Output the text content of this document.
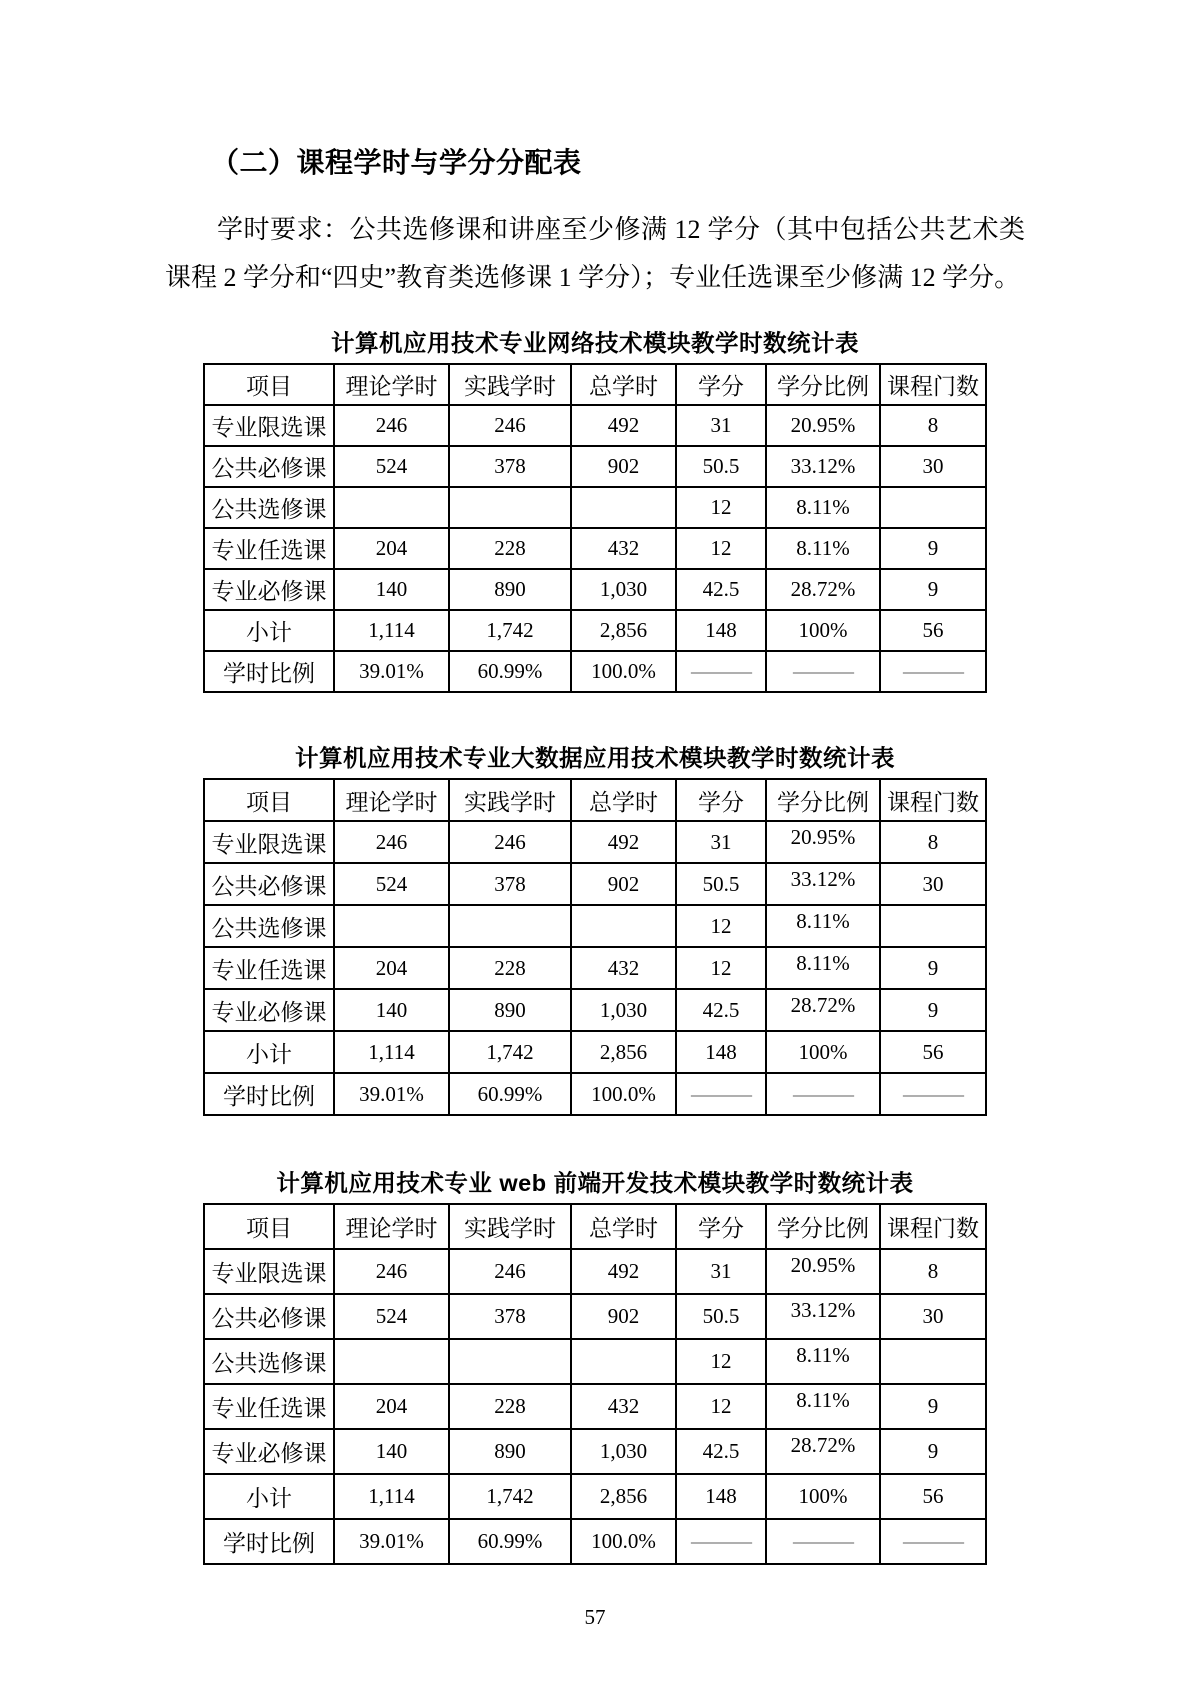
（二）课程学时与学分分配表

学时要求：公共选修课和讲座至少修满 12 学分（其中包括公共艺术类课程 2 学分和“四史”教育类选修课 1 学分）；专业任选课至少修满 12 学分。

计算机应用技术专业网络技术模块教学时数统计表
项目	理论学时	实践学时	总学时	学分	学分比例	课程门数
专业限选课	246	246	492	31	20.95%	8
公共必修课	524	378	902	50.5	33.12%	30
公共选修课				12	8.11%	
专业任选课	204	228	432	12	8.11%	9
专业必修课	140	890	1,030	42.5	28.72%	9
小计	1,114	1,742	2,856	148	100%	56
学时比例	39.01%	60.99%	100.0%	———	———	———
计算机应用技术专业大数据应用技术模块教学时数统计表
项目	理论学时	实践学时	总学时	学分	学分比例	课程门数
专业限选课	246	246	492	31	20.95%	8
公共必修课	524	378	902	50.5	33.12%	30
公共选修课				12	8.11%	
专业任选课	204	228	432	12	8.11%	9
专业必修课	140	890	1,030	42.5	28.72%	9
小计	1,114	1,742	2,856	148	100%	56
学时比例	39.01%	60.99%	100.0%	———	———	———
计算机应用技术专业 web 前端开发技术模块教学时数统计表
项目	理论学时	实践学时	总学时	学分	学分比例	课程门数
专业限选课	246	246	492	31	20.95%	8
公共必修课	524	378	902	50.5	33.12%	30
公共选修课				12	8.11%	
专业任选课	204	228	432	12	8.11%	9
专业必修课	140	890	1,030	42.5	28.72%	9
小计	1,114	1,742	2,856	148	100%	56
学时比例	39.01%	60.99%	100.0%	———	———	———
57
